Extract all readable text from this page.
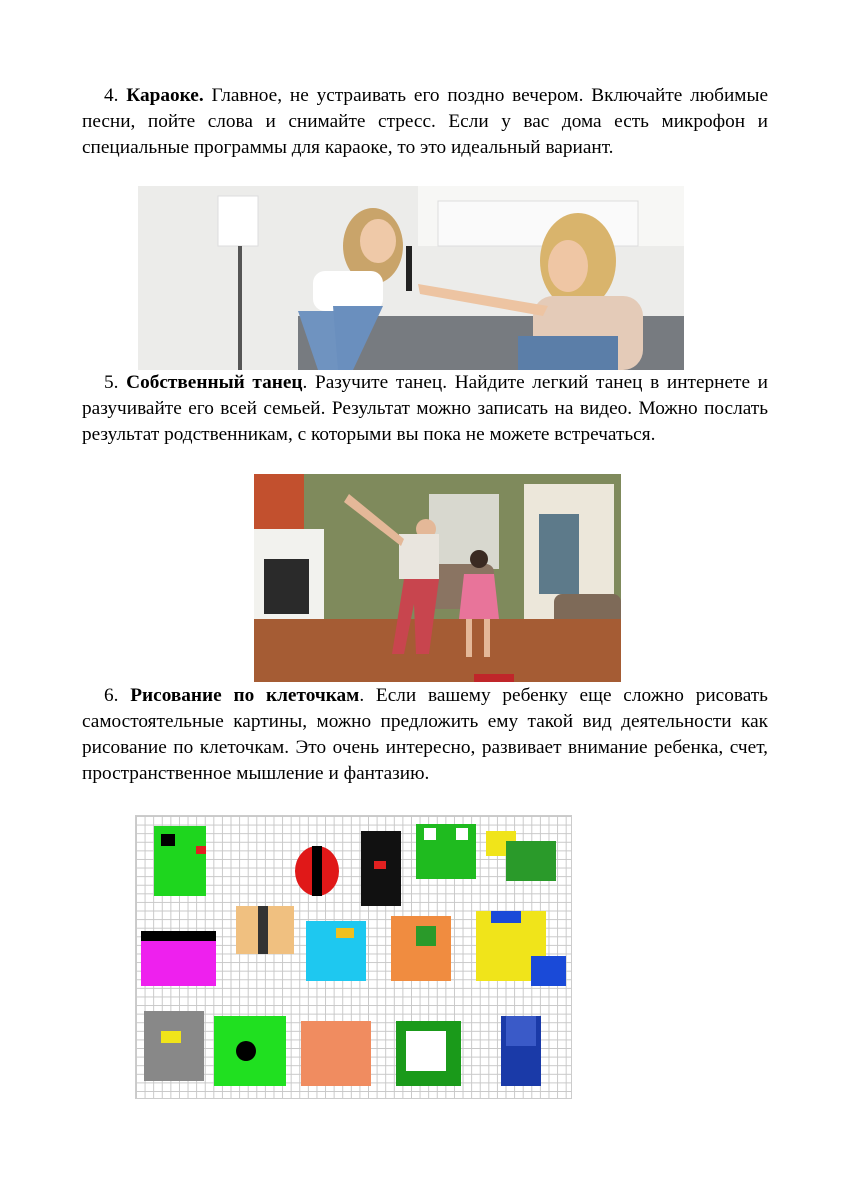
4. Караоке. Главное, не устраивать его поздно вечером. Включайте любимые песни, пойте слова и снимайте стресс. Если у вас дома есть микрофон и специальные программы для караоке, то это идеальный вариант.

5. Собственный танец. Разучите танец. Найдите легкий танец в интернете и разучивайте его всей семьей. Результат можно записать на видео. Можно послать результат родственникам, с которыми вы пока не можете встречаться.

6. Рисование по клеточкам. Если вашему ребенку еще сложно рисовать самостоятельные картины, можно предложить ему такой вид деятельности как рисование по клеточкам. Это очень интересно, развивает внимание ребенка, счет, пространственное мышление и фантазию.
